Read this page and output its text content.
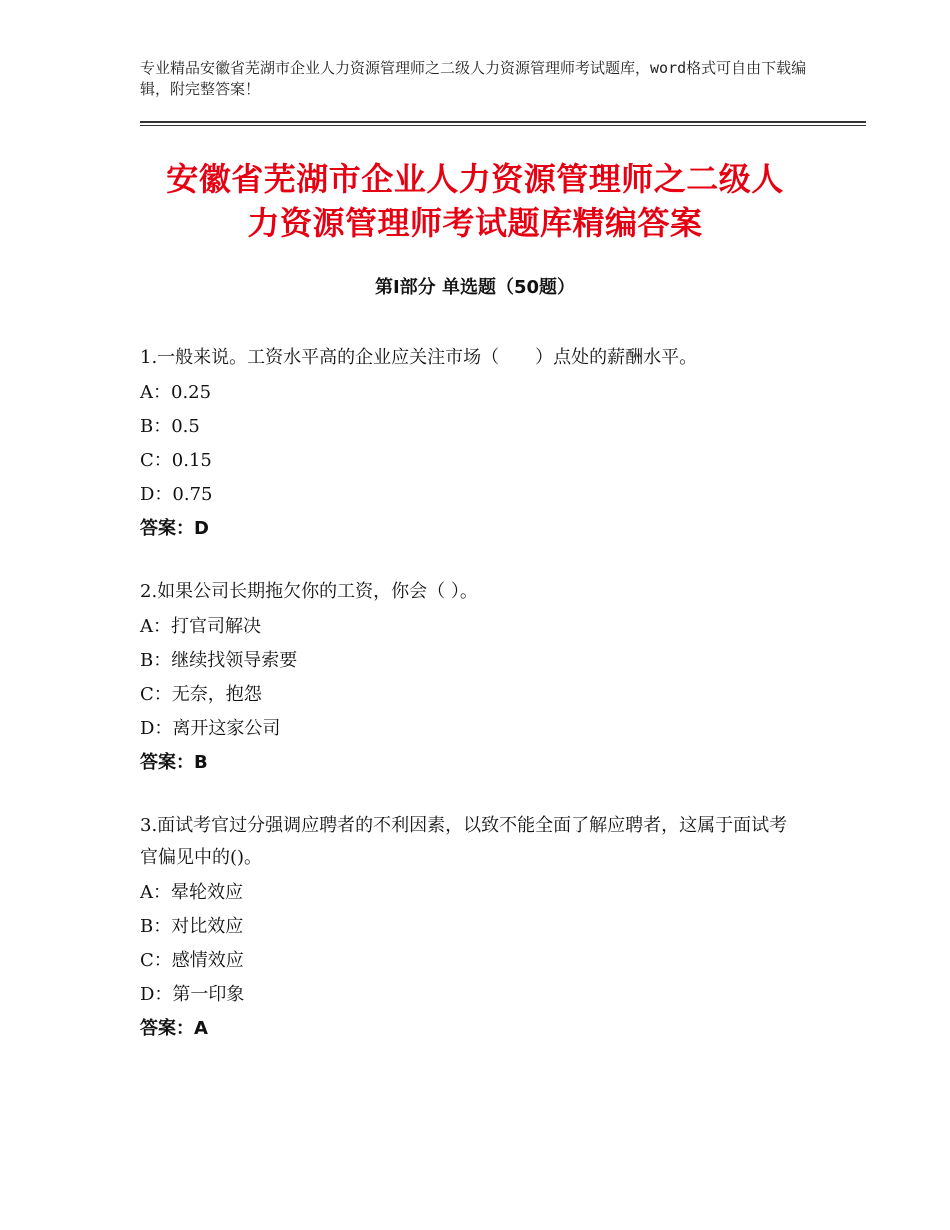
专业精品安徽省芜湖市企业人力资源管理师之二级人力资源管理师考试题库，word格式可自由下载编辑，附完整答案！
安徽省芜湖市企业人力资源管理师之二级人
力资源管理师考试题库精编答案
第Ⅰ部分 单选题（50题）
1.一般来说。工资水平高的企业应关注市场（　　）点处的薪酬水平。
A：0.25
B：0.5
C：0.15
D：0.75
答案：D
2.如果公司长期拖欠你的工资，你会（ ）。
A：打官司解决
B：继续找领导索要
C：无奈，抱怨
D：离开这家公司
答案：B
3.面试考官过分强调应聘者的不利因素，以致不能全面了解应聘者，这属于面试考官偏见中的()。
A：晕轮效应
B：对比效应
C：感情效应
D：第一印象
答案：A
